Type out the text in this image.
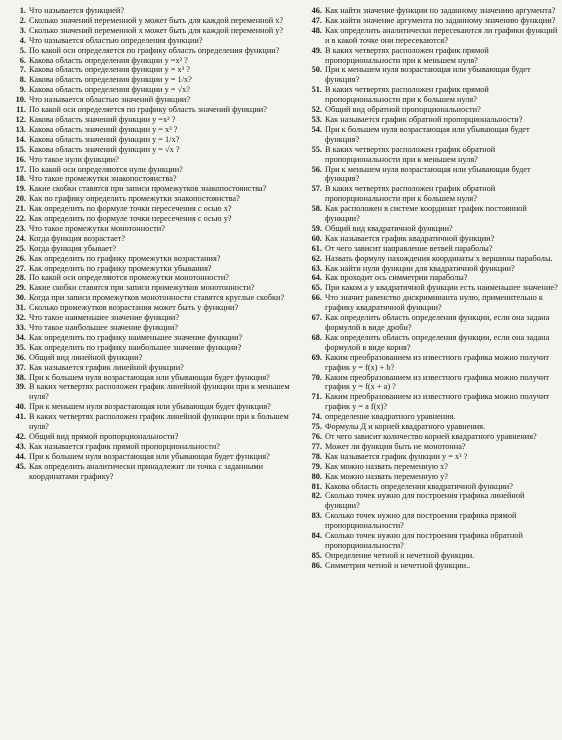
1. Что называется функцией?
2. Сколько значений переменной у может быть для каждой переменной х?
3. Сколько значений переменной х может быть для каждой переменной у?
4. Что называется областью определения функции?
5. По какой оси определяется по графику область определения функции?
6. Какова область определения функции у =x² ?
7. Какова область определения функции у = x³ ?
8. Какова область определения функции у = 1/x?
9. Какова область определения функции у = √x?
10. Что называется областью значений функции?
11. По какой оси определяется по графику область значений функции?
12. Какова область значений функции у =x² ?
13. Какова область значений функции у = x³ ?
14. Какова область значений функции у = 1/x?
15. Какова область значений функции у = √x ?
16. Что такое нули функции?
17. По какой оси определяются нули функции?
18. Что такое промежутки знакопостоянства?
19. Какие скобки ставятся при записи промежутков знакопостоянства?
20. Как по графику определить промежутки знакопостоянства?
21. Как определить по формуле точки пересечения с осью х?
22. Как определить по формуле точки пересечения с осью у?
23. Что такое промежутки монотонности?
24. Когда функция возрастает?
25. Когда функция убывает?
26. Как определить по графику промежутки возрастания?
27. Как определить по графику промежутки убывания?
28. По какой оси определяются промежутки монотонности?
29. Какие скобки ставятся при записи промежутков монотонности?
30. Когда при записи промежутков монотонности ставятся круглые скобки?
31. Сколько промежутков возрастания может быть у функции?
32. Что такое наименьшее значение функции?
33. Что такое наибольшее значение функции?
34. Как определить по графику наименьшее значение функции?
35. Как определить по графику наибольшее значение функции?
36. Общий вид линейной функции?
37. Как называется график линейной функции?
38. При к большем нуля возрастающая или убывающая будет функция?
39. В каких четвертях расположен график линейной функции при к меньшем нуля?
40. При к меньшем нуля возрастающая или убывающая будет функция?
41. В каких четвертях расположен график линейной функции при к большем нуля?
42. Общий вид прямой пропорциональности?
43. Как называется график прямой пропорциональности?
44. При к большем нуля возрастающая или убывающая будет функция?
45. Как определить аналитически принадлежит ли точка с заданными координатами графику?
46. Как найти значение функции по заданному значению аргумента?
47. Как найти значение аргумента по заданному значению функции?
48. Как определить аналитически пересекаются ли графики функций и в какой точке они пересекаются?
49. В каких четвертях расположен график прямой пропорциональности при к меньшем нуля?
50. При к меньшем нуля возрастающая или убывающая будет функция?
51. В каких четвертях расположен график прямой пропорциональности при к большем нуля?
52. Общий вид обратной пропорциональности?
53. Как называется график обратной пропорциональности?
54. При к большем нуля возрастающая или убывающая будет функция?
55. В каких четвертях расположен график обратной пропорциональности при к меньшем нуля?
56. При к меньшем нуля возрастающая или убывающая будет функция?
57. В каких четвертях расположен график обратной пропорциональности при к большем нуля?
58. Как расположен в системе координат график постоянной функции?
59. Общий вид квадратичной функции?
60. Как называется график квадратичной функции?
61. От чего зависит направление ветвей параболы?
62. Назвать формулу нахождения координаты х вершины параболы.
63. Как найти нули функции для квадратичной функции?
64. Как проходит ось симметрии параболы?
65. При каком а у квадратичной функции есть наименьшее значение?
66. Что значит равенство дискриминанта нулю, применительно к графику квадратичной функции?
67. Как определить область определения функции, если она задана формулой в виде дроби?
68. Как определить область определения функции, если она задана формулой в виде корня?
69. Каким преобразованием из известного графика можно получит график у = f(x) + b?
70. Каким преобразованием из известного графика можно получит график у = f(x + a) ?
71. Каким преобразованием из известного графика можно получит график у = a f(x)?
74. определение квадратного уравнения.
75. Формулы Д и корней квадратного уравнения.
76. От чего зависит количество корней квадратного уравнения?
77. Может ли функция быть не монотонна?
78. Как называется график функции у = x³ ?
79. Как можно назвать переменную х?
80. Как можно назвать переменную у?
81. Какова область определения квадратичной функции?
82. Сколько точек нужно для построения графика линейной функции?
83. Сколько точек нужно для построения графика прямой пропорциональности?
84. Сколько точек нужно для построения графика обратной пропорциональности?
85. Определение четной и нечетной функции.
86. Симметрия четной и нечетной функции..
